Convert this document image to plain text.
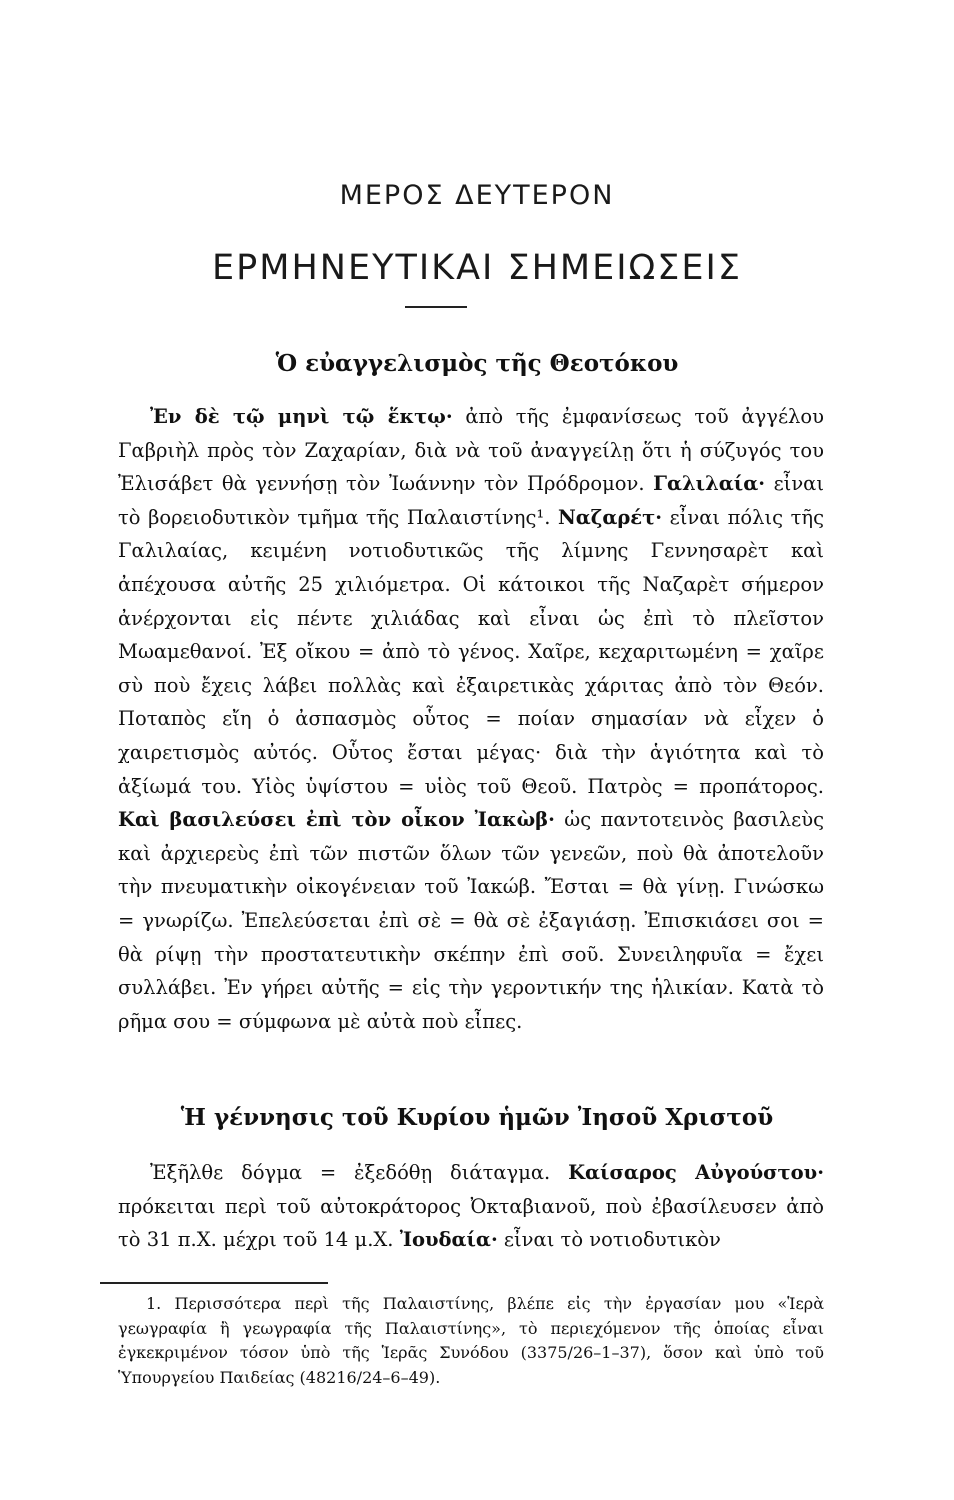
ΜΕΡΟΣ ΔΕΥΤΕΡΟΝ
ΕΡΜΗΝΕΥΤΙΚΑΙ ΣΗΜΕΙΩΣΕΙΣ
Ὁ εὐαγγελισμὸς τῆς Θεοτόκου

Ἐν δὲ τῷ μηνὶ τῷ ἕκτῳ· ἀπὸ τῆς ἐμφανίσεως τοῦ ἀγγέλου Γαβριὴλ πρὸς τὸν Ζαχαρίαν, διὰ νὰ τοῦ ἀναγγείλῃ ὅτι ἡ σύζυγός του Ἐλισάβετ θὰ γεννήσῃ τὸν Ἰωάννην τὸν Πρόδρομον. Γαλιλαία· εἶναι τὸ βορειοδυτικὸν τμῆμα τῆς Παλαιστίνης¹. Ναζαρέτ· εἶναι πόλις τῆς Γαλιλαίας, κειμένη νοτιοδυτικῶς τῆς λίμνης Γεννησαρὲτ καὶ ἀπέχουσα αὐτῆς 25 χιλιόμετρα. Οἱ κάτοικοι τῆς Ναζαρὲτ σήμερον ἀνέρχονται εἰς πέντε χιλιάδας καὶ εἶναι ὡς ἐπὶ τὸ πλεῖστον Μωαμεθανοί. Ἐξ οἴκου = ἀπὸ τὸ γένος. Χαῖρε, κεχαριτωμένη = χαῖρε σὺ ποὺ ἔχεις λάβει πολλὰς καὶ ἐξαιρετικὰς χάριτας ἀπὸ τὸν Θεόν. Ποταπὸς εἴη ὁ ἀσπασμὸς οὗτος = ποίαν σημασίαν νὰ εἶχεν ὁ χαιρετισμὸς αὐτός. Οὗτος ἔσται μέγας· διὰ τὴν ἁγιότητα καὶ τὸ ἀξίωμά του. Υἱὸς ὑψίστου = υἱὸς τοῦ Θεοῦ. Πατρὸς = προπάτορος. Καὶ βασιλεύσει ἐπὶ τὸν οἶκον Ἰακὼβ· ὡς παντοτεινὸς βασιλεὺς καὶ ἀρχιερεὺς ἐπὶ τῶν πιστῶν ὅλων τῶν γενεῶν, ποὺ θὰ ἀποτελοῦν τὴν πνευματικὴν οἰκογένειαν τοῦ Ἰακώβ. Ἔσται = θὰ γίνῃ. Γινώσκω = γνωρίζω. Ἐπελεύσεται ἐπὶ σὲ = θὰ σὲ ἐξαγιάσῃ. Ἐπισκιάσει σοι = θὰ ρίψῃ τὴν προστατευτικὴν σκέπην ἐπὶ σοῦ. Συνειληφυῖα = ἔχει συλλάβει. Ἐν γήρει αὐτῆς = εἰς τὴν γεροντικήν της ἡλικίαν. Κατὰ τὸ ρῆμα σου = σύμφωνα μὲ αὐτὰ ποὺ εἶπες.

Ἡ γέννησις τοῦ Κυρίου ἡμῶν Ἰησοῦ Χριστοῦ

Ἐξῆλθε δόγμα = ἐξεδόθῃ διάταγμα. Καίσαρος Αὐγούστου· πρόκειται περὶ τοῦ αὐτοκράτορος Ὀκταβιανοῦ, ποὺ ἐβασίλευσεν ἀπὸ τὸ 31 π.Χ. μέχρι τοῦ 14 μ.Χ. Ἰουδαία· εἶναι τὸ νοτιοδυτικὸν

1. Περισσότερα περὶ τῆς Παλαιστίνης, βλέπε εἰς τὴν ἐργασίαν μου «Ἱερὰ γεωγραφία ἢ γεωγραφία τῆς Παλαιστίνης», τὸ περιεχόμενον τῆς ὁποίας εἶναι ἐγκεκριμένον τόσον ὑπὸ τῆς Ἱερᾶς Συνόδου (3375/26–1–37), ὅσον καὶ ὑπὸ τοῦ Ὑπουργείου Παιδείας (48216/24–6–49).
